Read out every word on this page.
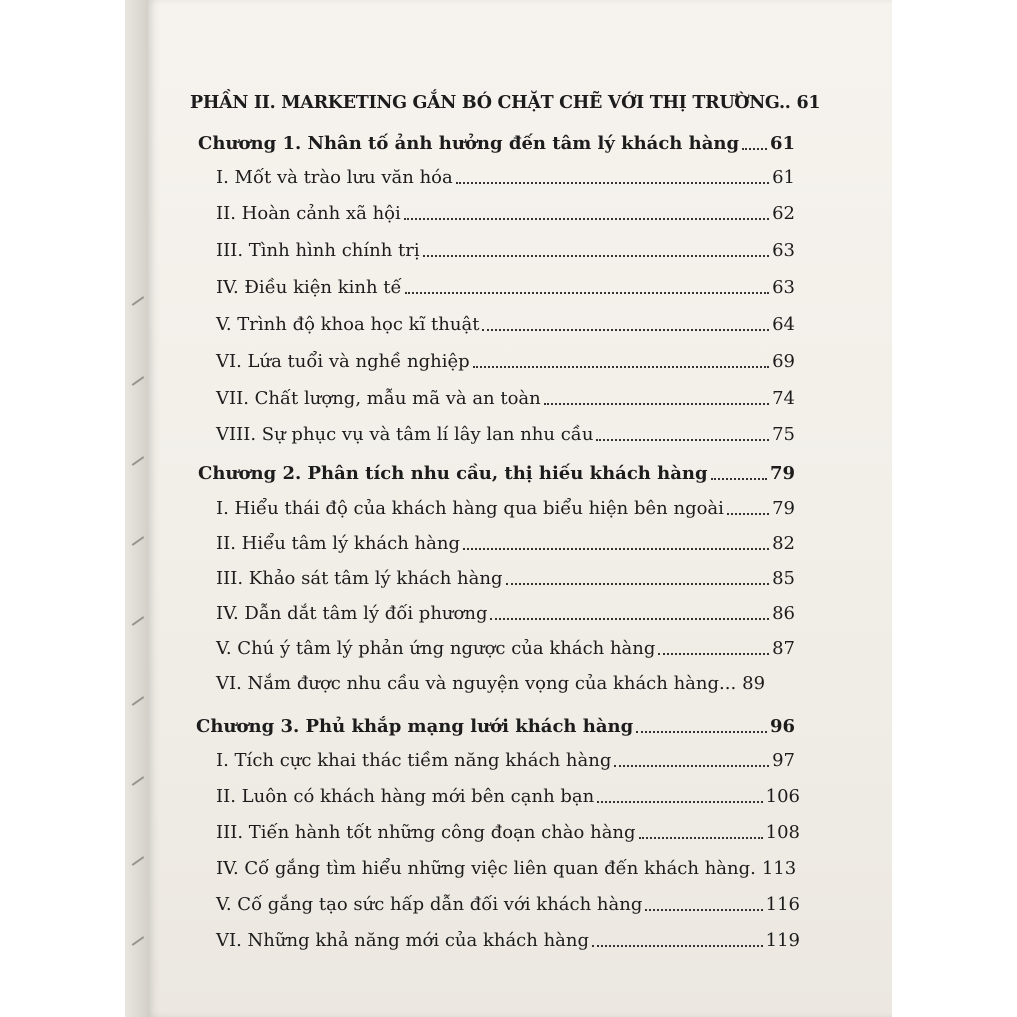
PHẦN II. MARKETING GẮN BÓ CHẶT CHẼ VỚI THỊ TRƯỜNG.. 61
Chương 1. Nhân tố ảnh hưởng đến tâm lý khách hàng 61
I. Mốt và trào lưu văn hóa	61
II. Hoàn cảnh xã hội	62
III. Tình hình chính trị	63
IV. Điều kiện kinh tế	63
V. Trình độ khoa học kĩ thuật	64
VI. Lứa tuổi và nghề nghiệp	69
VII. Chất lượng, mẫu mã và an toàn	74
VIII. Sự phục vụ và tâm lí lây lan nhu cầu	75
Chương 2. Phân tích nhu cầu, thị hiếu khách hàng	79
I. Hiểu thái độ của khách hàng qua biểu hiện bên ngoài	79
II. Hiểu tâm lý khách hàng	82
III. Khảo sát tâm lý khách hàng	85
IV. Dẫn dắt tâm lý đối phương	86
V. Chú ý tâm lý phản ứng ngược của khách hàng	87
VI. Nắm được nhu cầu và nguyện vọng của khách hàng... 89
Chương 3. Phủ khắp mạng lưới khách hàng	96
I. Tích cực khai thác tiềm năng khách hàng	97
II. Luôn có khách hàng mới bên cạnh bạn	106
III. Tiến hành tốt những công đoạn chào hàng	108
IV. Cố gắng tìm hiểu những việc liên quan đến khách hàng. 113
V. Cố gắng tạo sức hấp dẫn đối với khách hàng	116
VI. Những khả năng mới của khách hàng	119
